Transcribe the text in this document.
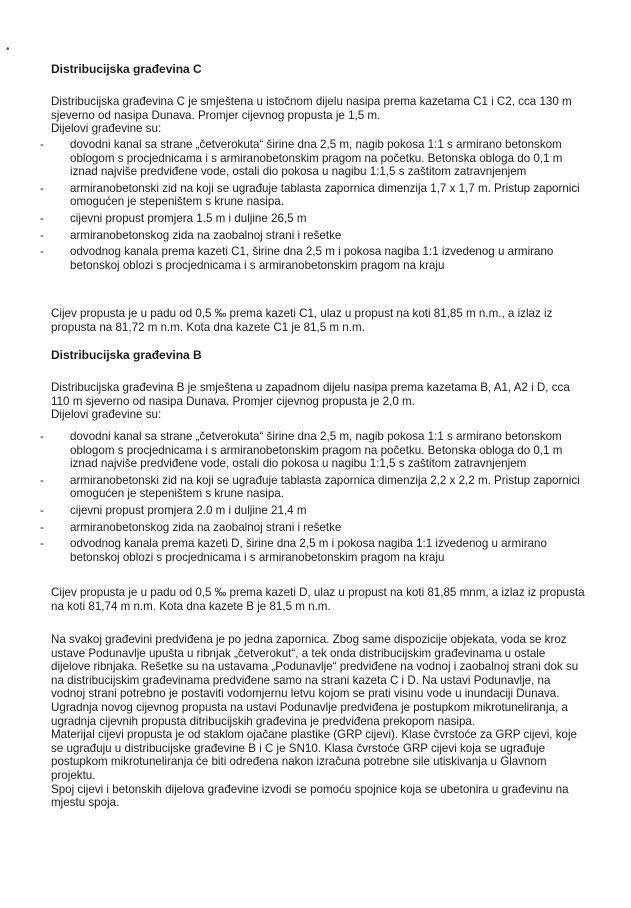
•
Distribucijska građevina C
Distribucijska građevina C je smještena u istočnom dijelu nasipa prema kazetama C1 i C2, cca 130 m
sjeverno od nasipa Dunava. Promjer cijevnog propusta je 1,5 m.
Dijelovi građevine su:
-	dovodni kanal sa strane „četverokuta“ širine dna 2,5 m, nagib pokosa 1:1 s armirano betonskom
oblogom s procjednicama i s armiranobetonskim pragom na početku. Betonska obloga do 0,1 m
iznad najviše predviđene vode, ostali dio pokosa u nagibu 1:1,5 s zaštitom zatravnjenjem
-	armiranobetonski zid na koji se ugrađuje tablasta zapornica dimenzija 1,7 x 1,7 m. Pristup zapornici
omogućen je stepeništem s krune nasipa.
-	cijevni propust promjera 1.5 m i duljine 26,5 m
-	armiranobetonskog zida na zaobalnoj strani i rešetke
-	odvodnog kanala prema kazeti C1, širine dna 2,5 m i pokosa nagiba 1:1 izvedenog u armirano
betonskoj oblozi s procjednicama i s armiranobetonskim pragom na kraju
Cijev propusta je u padu od 0,5 ‰ prema kazeti C1, ulaz u propust na koti 81,85 m n.m., a izlaz iz
propusta na 81,72 m n.m. Kota dna kazete C1 je 81,5 m n.m.
Distribucijska građevina B
Distribucijska građevina B je smještena u zapadnom dijelu nasipa prema kazetama B, A1, A2 i D, cca
110 m sjeverno od nasipa Dunava. Promjer cijevnog propusta je 2,0 m.
Dijelovi građevine su:
-	dovodni kanal sa strane „četverokuta“ širine dna 2,5 m, nagib pokosa 1:1 s armirano betonskom
oblogom s procjednicama i s armiranobetonskim pragom na početku. Betonska obloga do 0,1 m
iznad najviše predviđene vode, ostali dio pokosa u nagibu 1:1,5 s zaštitom zatravnjenjem
-	armiranobetonski zid na koji se ugrađuje tablasta zapornica dimenzija 2,2 x 2,2 m. Pristup zapornici
omogućen je stepeništem s krune nasipa.
-	cijevni propust promjera 2.0 m i duljine 21,4 m
-	armiranobetonskog zida na zaobalnoj strani i rešetke
-	odvodnog kanala prema kazeti D, širine dna 2,5 m i pokosa nagiba 1:1 izvedenog u armirano
betonskoj oblozi s procjednicama i s armiranobetonskim pragom na kraju
Cijev propusta je u padu od 0,5 ‰ prema kazeti D, ulaz u propust na koti 81,85 mnm, a izlaz iz propusta
na koti 81,74 m n.m. Kota dna kazete B je 81,5 m n.m.
Na svakoj građevini predviđena je po jedna zapornica. Zbog same dispozicije objekata, voda se kroz
ustave Podunavlje upušta u ribnjak „četverokut“, a tek onda distribucijskim građevinama u ostale
dijelove ribnjaka. Rešetke su na ustavama „Podunavlje“ predviđene na vodnoj i zaobalnoj strani dok su
na distribucijskim građevinama predviđene samo na strani kazeta C i D. Na ustavi Podunavlje, na
vodnoj strani potrebno je postaviti vodomjernu letvu kojom se prati visinu vode u inundaciji Dunava.
Ugradnja novog cijevnog propusta na ustavi Podunavlje predviđena je postupkom mikrotuneliranja, a
ugradnja cijevnih propusta ditribucijskih građevina je predviđena prekopom nasipa.
Materijal cijevi propusta je od staklom ojačane plastike (GRP cijevi). Klase čvrstoće za GRP cijevi, koje
se ugrađuju u distribucijske građevine B i C je SN10. Klasa čvrstoće GRP cijevi koja se ugrađuje
postupkom mikrotuneliranja će biti određena nakon izračuna potrebne sile utiskivanja u Glavnom
projektu.
Spoj cijevi i betonskih dijelova građevine izvodi se pomoću spojnice koja se ubetonira u građevinu na
mjestu spoja.
